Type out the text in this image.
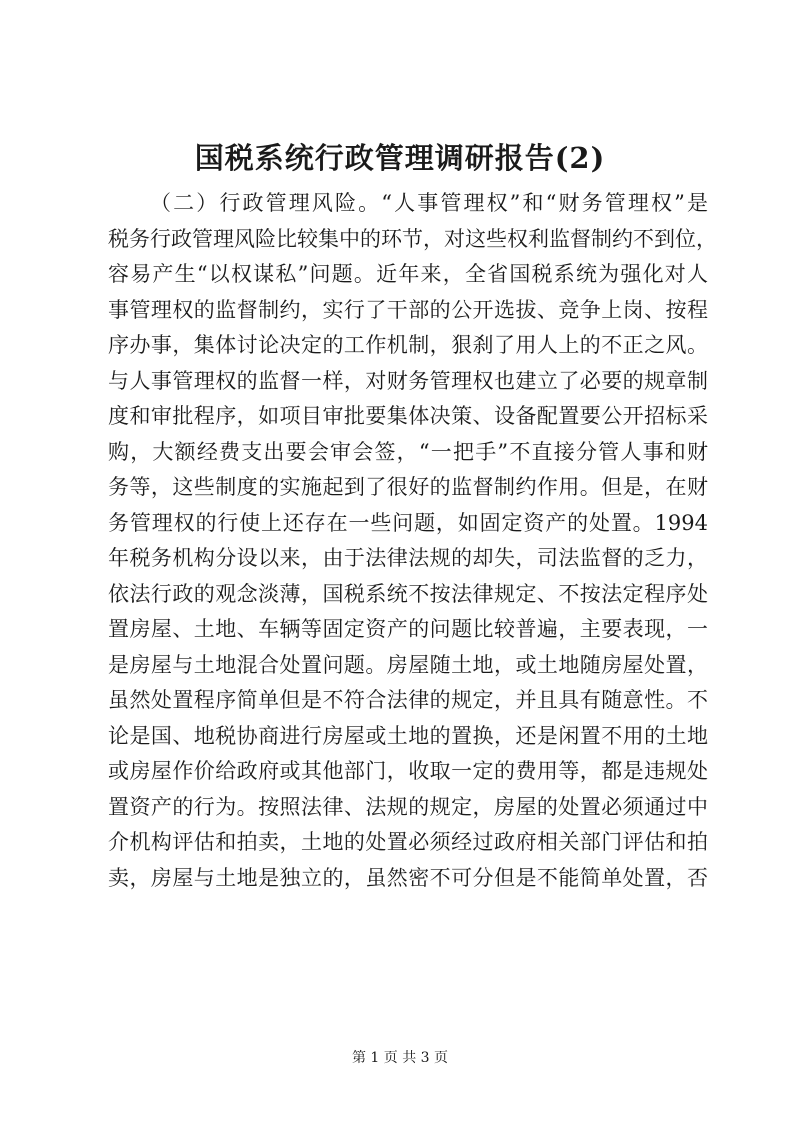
国税系统行政管理调研报告(2)
（二）行政管理风险。“人事管理权”和“财务管理权”是
税务行政管理风险比较集中的环节，对这些权利监督制约不到位，
容易产生“以权谋私”问题。近年来，全省国税系统为强化对人
事管理权的监督制约，实行了干部的公开选拔、竞争上岗、按程
序办事，集体讨论决定的工作机制，狠刹了用人上的不正之风。
与人事管理权的监督一样，对财务管理权也建立了必要的规章制
度和审批程序，如项目审批要集体决策、设备配置要公开招标采
购，大额经费支出要会审会签，“一把手”不直接分管人事和财
务等，这些制度的实施起到了很好的监督制约作用。但是，在财
务管理权的行使上还存在一些问题，如固定资产的处置。1994
年税务机构分设以来，由于法律法规的却失，司法监督的乏力，
依法行政的观念淡薄，国税系统不按法律规定、不按法定程序处
置房屋、土地、车辆等固定资产的问题比较普遍，主要表现，一
是房屋与土地混合处置问题。房屋随土地，或土地随房屋处置，
虽然处置程序简单但是不符合法律的规定，并且具有随意性。不
论是国、地税协商进行房屋或土地的置换，还是闲置不用的土地
或房屋作价给政府或其他部门，收取一定的费用等，都是违规处
置资产的行为。按照法律、法规的规定，房屋的处置必须通过中
介机构评估和拍卖，土地的处置必须经过政府相关部门评估和拍
卖，房屋与土地是独立的，虽然密不可分但是不能简单处置，否
第 1 页 共 3 页
